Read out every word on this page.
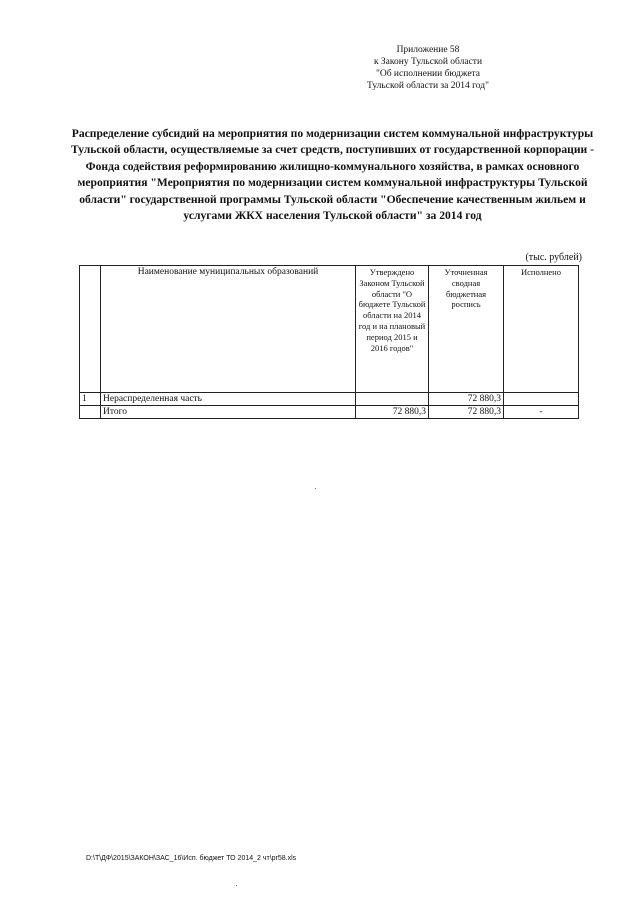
Приложение 58
к Закону Тульской области
"Об исполнении бюджета
Тульской области за 2014 год"
Распределение субсидий на мероприятия по модернизации систем коммунальной инфраструктуры Тульской области, осуществляемые за счет средств, поступивших от государственной корпорации - Фонда содействия реформированию жилищно-коммунального хозяйства, в рамках основного мероприятия "Мероприятия по модернизации систем коммунальной инфраструктуры Тульской области" государственной программы Тульской области "Обеспечение качественным жильем и услугами ЖКХ населения Тульской области" за 2014 год
(тыс. рублей)
	Наименование муниципальных образований	Утверждено Законом Тульской области "О бюджете Тульской области на 2014 год и на плановый период 2015 и 2016 годов"	Уточненная сводная бюджетная роспись	Исполнено
1	Нераспределенная часть		72 880,3	
	Итого	72 880,3	72 880,3	-
D:\Т\ДФ\2015\ЗАКОН\ЗАС_16\Исп. бюджет ТО 2014_2 чт\pr58.xls
